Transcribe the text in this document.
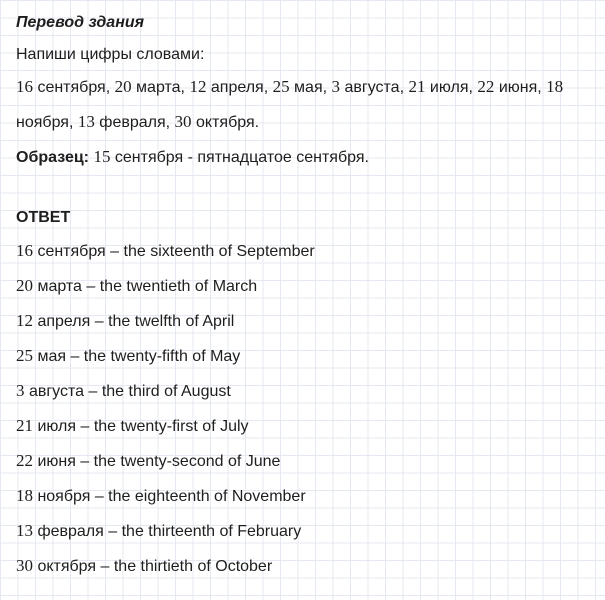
Перевод здания
Напиши цифры словами:
16 сентября, 20 марта, 12 апреля, 25 мая, 3 августа, 21 июля, 22 июня, 18
ноября, 13 февраля, 30 октября.
Образец: 15 сентября - пятнадцатое сентября.
ОТВЕТ
16 сентября – the sixteenth of September
20 марта – the twentieth of March
12 апреля – the twelfth of April
25 мая – the twenty-fifth of May
3 августа – the third of August
21 июля – the twenty-first of July
22 июня – the twenty-second of June
18 ноября – the eighteenth of November
13 февраля – the thirteenth of February
30 октября – the thirtieth of October
